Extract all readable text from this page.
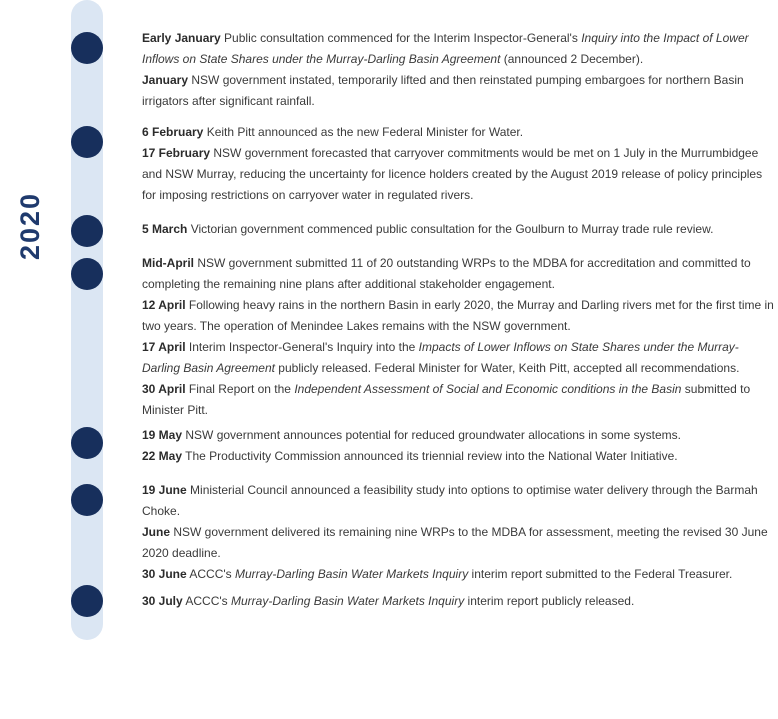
2020

Early January Public consultation commenced for the Interim Inspector-General's Inquiry into the Impact of Lower Inflows on State Shares under the Murray-Darling Basin Agreement (announced 2 December).

January NSW government instated, temporarily lifted and then reinstated pumping embargoes for northern Basin irrigators after significant rainfall.

6 February Keith Pitt announced as the new Federal Minister for Water.

17 February NSW government forecasted that carryover commitments would be met on 1 July in the Murrumbidgee and NSW Murray, reducing the uncertainty for licence holders created by the August 2019 release of policy principles for imposing restrictions on carryover water in regulated rivers.

5 March Victorian government commenced public consultation for the Goulburn to Murray trade rule review.

Mid-April NSW government submitted 11 of 20 outstanding WRPs to the MDBA for accreditation and committed to completing the remaining nine plans after additional stakeholder engagement.

12 April Following heavy rains in the northern Basin in early 2020, the Murray and Darling rivers met for the first time in two years. The operation of Menindee Lakes remains with the NSW government.

17 April Interim Inspector-General's Inquiry into the Impacts of Lower Inflows on State Shares under the Murray-Darling Basin Agreement publicly released. Federal Minister for Water, Keith Pitt, accepted all recommendations.

30 April Final Report on the Independent Assessment of Social and Economic conditions in the Basin submitted to Minister Pitt.

19 May NSW government announces potential for reduced groundwater allocations in some systems.

22 May The Productivity Commission announced its triennial review into the National Water Initiative.

19 June Ministerial Council announced a feasibility study into options to optimise water delivery through the Barmah Choke.

June NSW government delivered its remaining nine WRPs to the MDBA for assessment, meeting the revised 30 June 2020 deadline.

30 June ACCC's Murray-Darling Basin Water Markets Inquiry interim report submitted to the Federal Treasurer.

30 July ACCC's Murray-Darling Basin Water Markets Inquiry interim report publicly released.
